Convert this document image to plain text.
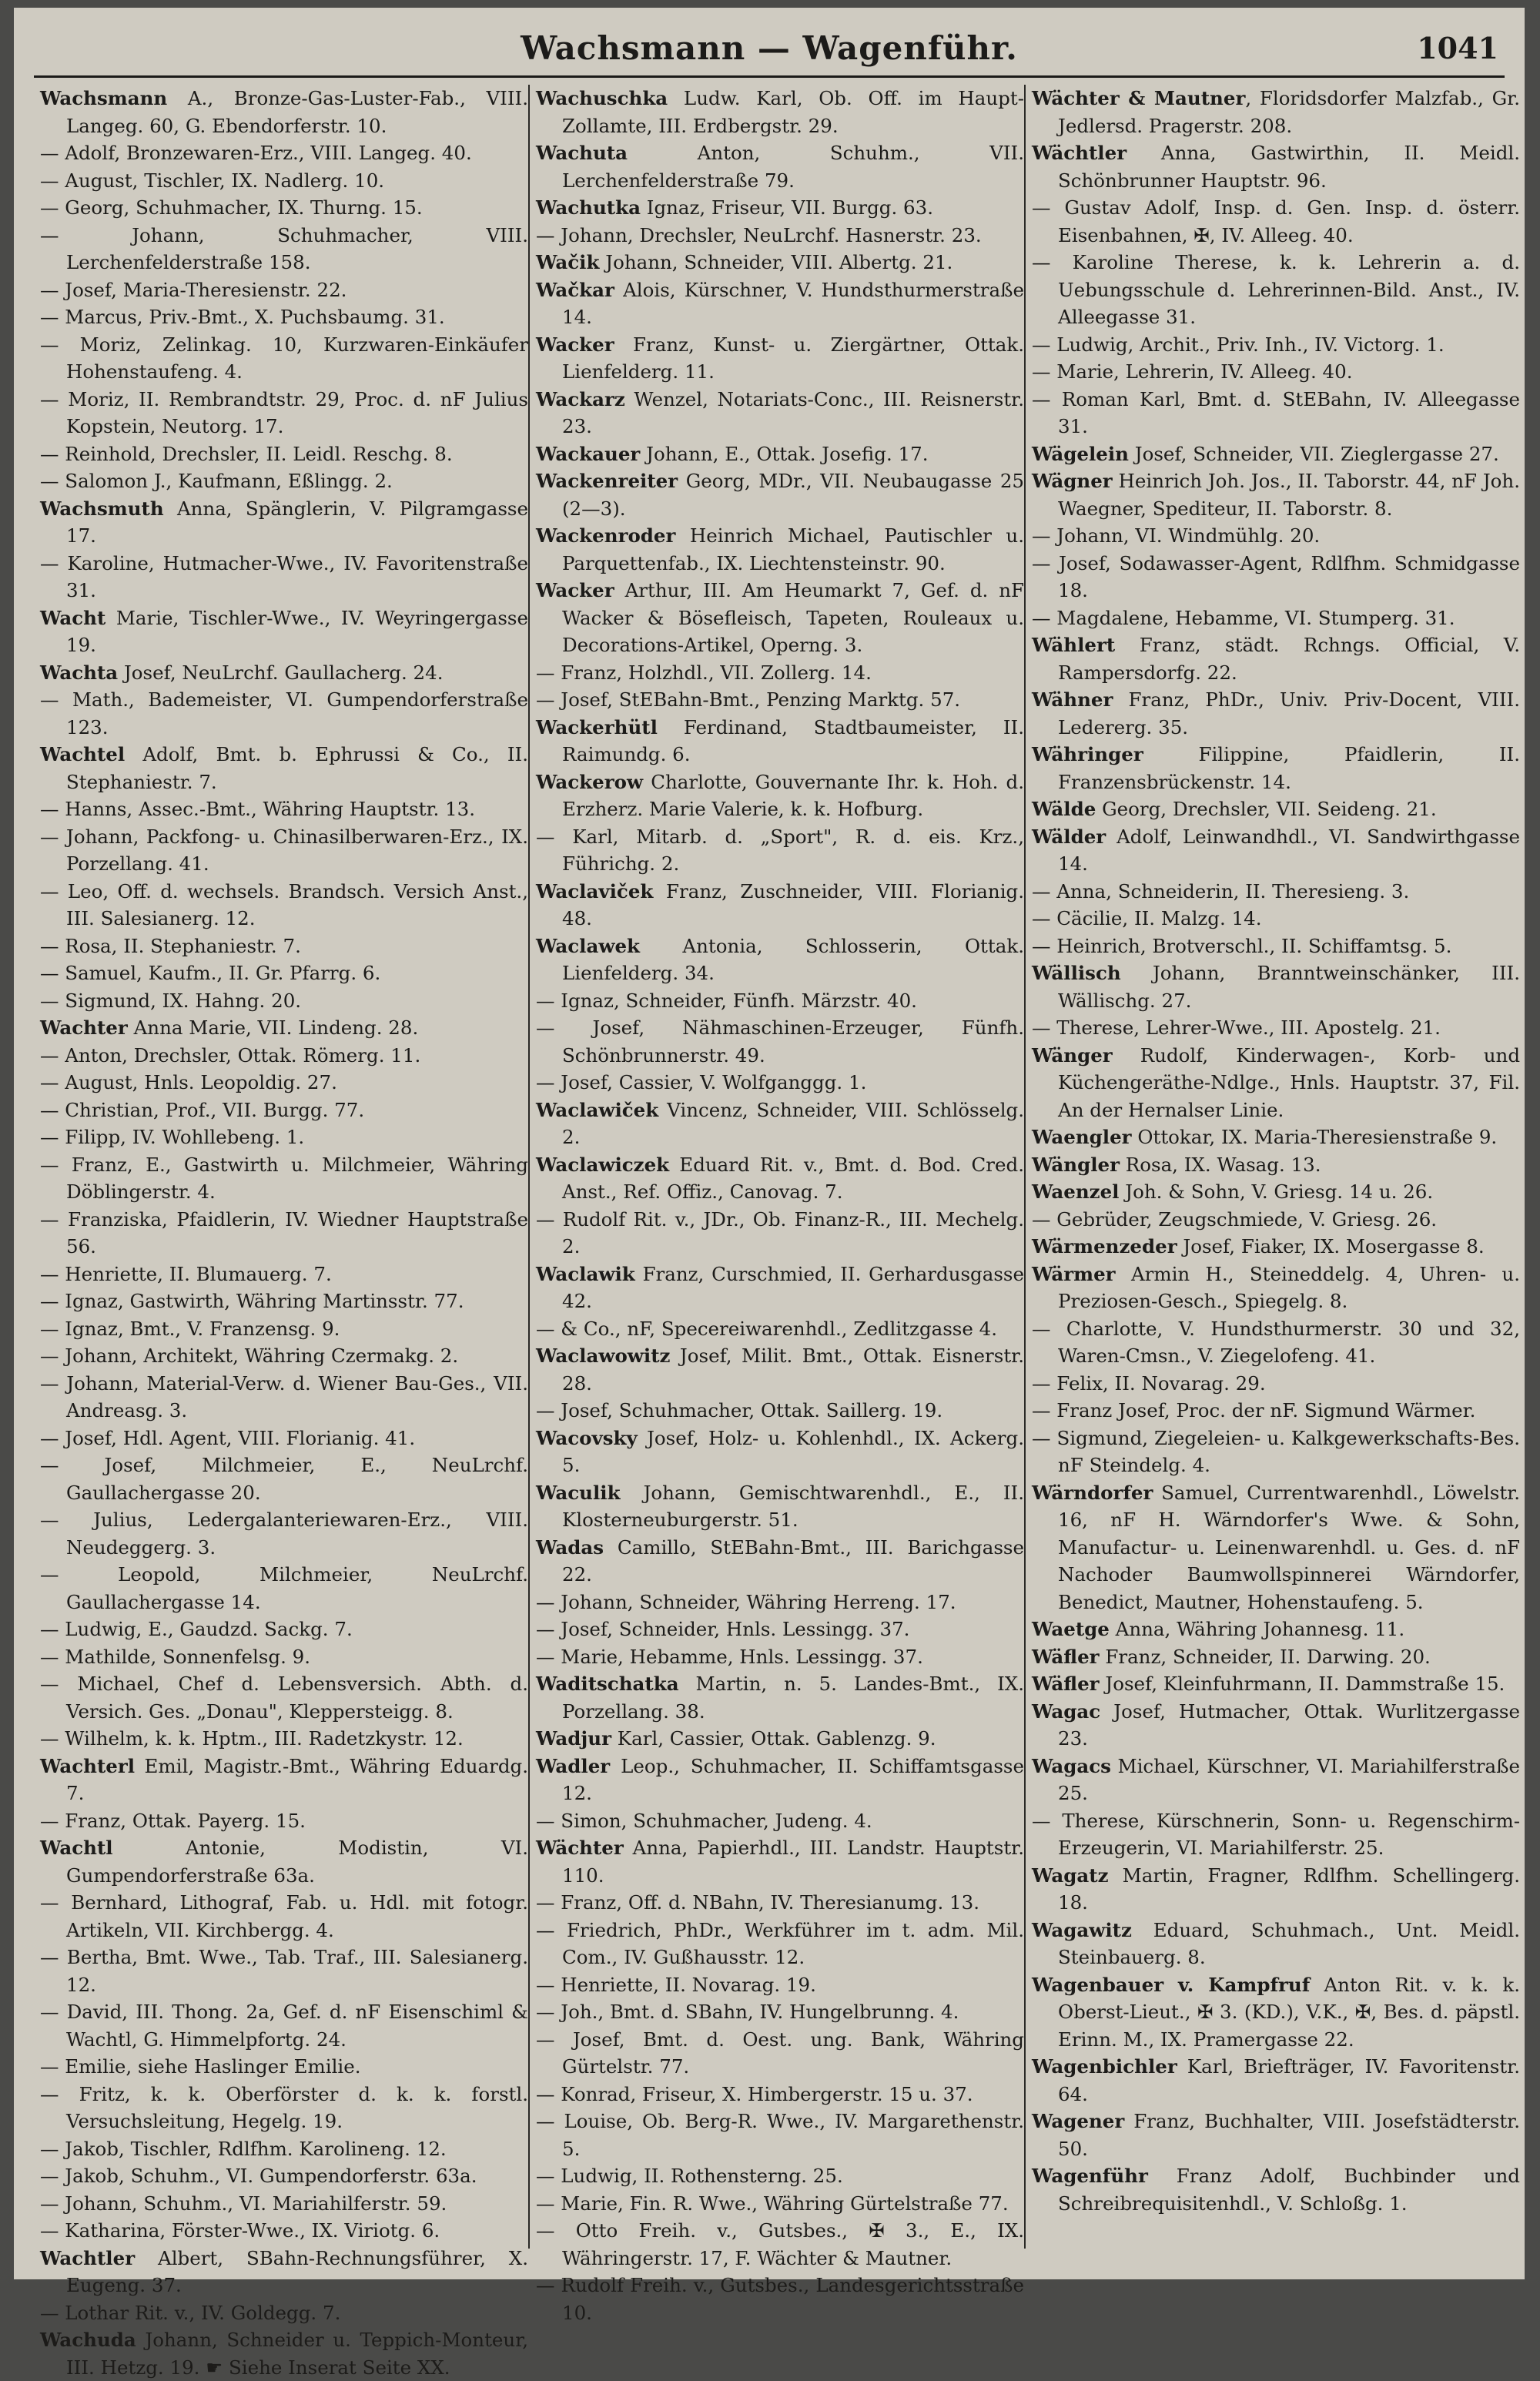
Wachsmann — Wagenführ.	1041
Wachsmann A., Bronze-Gas-Luster-Fab., VIII. Langeg. 60, G. Ebendorferstr. 10.
— Adolf, Bronzewaren-Erz., VIII. Langeg. 40.
— August, Tischler, IX. Nadlerg. 10.
— Georg, Schuhmacher, IX. Thurng. 15.
— Johann, Schuhmacher, VIII. Lerchenfelderstraße 158.
— Josef, Maria-Theresienstr. 22.
— Marcus, Priv.-Bmt., X. Puchsbaumg. 31.
— Moriz, Zelinkag. 10, Kurzwaren-Einkäufer Hohenstaufeng. 4.
— Moriz, II. Rembrandtstr. 29, Proc. d. nF Julius Kopstein, Neutorg. 17.
— Reinhold, Drechsler, II. Leidl. Reschg. 8.
— Salomon J., Kaufmann, Eßlingg. 2.
Wachsmuth Anna, Spänglerin, V. Pilgramgasse 17.
— Karoline, Hutmacher-Wwe., IV. Favoritenstraße 31.
Wacht Marie, Tischler-Wwe., IV. Weyringergasse 19.
Wachta Josef, NeuLrchf. Gaullacherg. 24.
— Math., Bademeister, VI. Gumpendorferstraße 123.
Wachtel Adolf, Bmt. b. Ephrussi & Co., II. Stephaniestr. 7.
— Hanns, Assec.-Bmt., Währing Hauptstr. 13.
— Johann, Packfong- u. Chinasilberwaren-Erz., IX. Porzellang. 41.
— Leo, Off. d. wechsels. Brandsch. Versich Anst., III. Salesianerg. 12.
— Rosa, II. Stephaniestr. 7.
— Samuel, Kaufm., II. Gr. Pfarrg. 6.
— Sigmund, IX. Hahng. 20.
Wachter Anna Marie, VII. Lindeng. 28.
— Anton, Drechsler, Ottak. Römerg. 11.
— August, Hnls. Leopoldig. 27.
— Christian, Prof., VII. Burgg. 77.
— Filipp, IV. Wohllebeng. 1.
— Franz, E., Gastwirth u. Milchmeier, Währing Döblingerstr. 4.
— Franziska, Pfaidlerin, IV. Wiedner Hauptstraße 56.
— Henriette, II. Blumauerg. 7.
— Ignaz, Gastwirth, Währing Martinsstr. 77.
— Ignaz, Bmt., V. Franzensg. 9.
— Johann, Architekt, Währing Czermakg. 2.
— Johann, Material-Verw. d. Wiener Bau-Ges., VII. Andreasg. 3.
— Josef, Hdl. Agent, VIII. Florianig. 41.
— Josef, Milchmeier, E., NeuLrchf. Gaullachergasse 20.
— Julius, Ledergalanteriewaren-Erz., VIII. Neudeggerg. 3.
— Leopold, Milchmeier, NeuLrchf. Gaullachergasse 14.
— Ludwig, E., Gaudzd. Sackg. 7.
— Mathilde, Sonnenfelsg. 9.
— Michael, Chef d. Lebensversich. Abth. d. Versich. Ges. „Donau", Kleppersteigg. 8.
— Wilhelm, k. k. Hptm., III. Radetzkystr. 12.
Wachterl Emil, Magistr.-Bmt., Währing Eduardg. 7.
— Franz, Ottak. Payerg. 15.
Wachtl Antonie, Modistin, VI. Gumpendorferstraße 63a.
— Bernhard, Lithograf, Fab. u. Hdl. mit fotogr. Artikeln, VII. Kirchbergg. 4.
— Bertha, Bmt. Wwe., Tab. Traf., III. Salesianerg. 12.
— David, III. Thong. 2a, Gef. d. nF Eisenschiml & Wachtl, G. Himmelpfortg. 24.
— Emilie, siehe Haslinger Emilie.
— Fritz, k. k. Oberförster d. k. k. forstl. Versuchsleitung, Hegelg. 19.
— Jakob, Tischler, Rdlfhm. Karolineng. 12.
— Jakob, Schuhm., VI. Gumpendorferstr. 63a.
— Johann, Schuhm., VI. Mariahilferstr. 59.
— Katharina, Förster-Wwe., IX. Viriotg. 6.
Wachtler Albert, SBahn-Rechnungsführer, X. Eugeng. 37.
— Lothar Rit. v., IV. Goldegg. 7.
Wachuda Johann, Schneider u. Teppich-Monteur, III. Hetzg. 19. ☛ Siehe Inserat Seite XX.
Wachuschka Ludw. Karl, Ob. Off. im Haupt-Zollamte, III. Erdbergstr. 29.
Wachuta Anton, Schuhm., VII. Lerchenfelderstraße 79.
Wachutka Ignaz, Friseur, VII. Burgg. 63.
— Johann, Drechsler, NeuLrchf. Hasnerstr. 23.
Wačik Johann, Schneider, VIII. Albertg. 21.
Wačkar Alois, Kürschner, V. Hundsthurmerstraße 14.
Wacker Franz, Kunst- u. Ziergärtner, Ottak. Lienfelderg. 11.
Wackarz Wenzel, Notariats-Conc., III. Reisnerstr. 23.
Wackauer Johann, E., Ottak. Josefig. 17.
Wackenreiter Georg, MDr., VII. Neubaugasse 25 (2—3).
Wackenroder Heinrich Michael, Pautischler u. Parquettenfab., IX. Liechtensteinstr. 90.
Wacker Arthur, III. Am Heumarkt 7, Gef. d. nF Wacker & Bösefleisch, Tapeten, Rouleaux u. Decorations-Artikel, Operng. 3.
— Franz, Holzhdl., VII. Zollerg. 14.
— Josef, StEBahn-Bmt., Penzing Marktg. 57.
Wackerhütl Ferdinand, Stadtbaumeister, II. Raimundg. 6.
Wackerow Charlotte, Gouvernante Ihr. k. Hoh. d. Erzherz. Marie Valerie, k. k. Hofburg.
— Karl, Mitarb. d. „Sport", R. d. eis. Krz., Führichg. 2.
Waclaviček Franz, Zuschneider, VIII. Florianig. 48.
Waclawek Antonia, Schlosserin, Ottak. Lienfelderg. 34.
— Ignaz, Schneider, Fünfh. Märzstr. 40.
— Josef, Nähmaschinen-Erzeuger, Fünfh. Schönbrunnerstr. 49.
— Josef, Cassier, V. Wolfganggg. 1.
Waclawiček Vincenz, Schneider, VIII. Schlösselg. 2.
Waclawiczek Eduard Rit. v., Bmt. d. Bod. Cred. Anst., Ref. Offiz., Canovag. 7.
— Rudolf Rit. v., JDr., Ob. Finanz-R., III. Mechelg. 2.
Waclawik Franz, Curschmied, II. Gerhardusgasse 42.
— & Co., nF, Specereiwarenhdl., Zedlitzgasse 4.
Waclawowitz Josef, Milit. Bmt., Ottak. Eisnerstr. 28.
— Josef, Schuhmacher, Ottak. Saillerg. 19.
Wacovsky Josef, Holz- u. Kohlenhdl., IX. Ackerg. 5.
Waculik Johann, Gemischtwarenhdl., E., II. Klosterneuburgerstr. 51.
Wadas Camillo, StEBahn-Bmt., III. Barichgasse 22.
— Johann, Schneider, Währing Herreng. 17.
— Josef, Schneider, Hnls. Lessingg. 37.
— Marie, Hebamme, Hnls. Lessingg. 37.
Waditschatka Martin, n. 5. Landes-Bmt., IX. Porzellang. 38.
Wadjur Karl, Cassier, Ottak. Gablenzg. 9.
Wadler Leop., Schuhmacher, II. Schiffamtsgasse 12.
— Simon, Schuhmacher, Judeng. 4.
Wächter Anna, Papierhdl., III. Landstr. Hauptstr. 110.
— Franz, Off. d. NBahn, IV. Theresianumg. 13.
— Friedrich, PhDr., Werkführer im t. adm. Mil. Com., IV. Gußhausstr. 12.
— Henriette, II. Novarag. 19.
— Joh., Bmt. d. SBahn, IV. Hungelbrunng. 4.
— Josef, Bmt. d. Oest. ung. Bank, Währing Gürtelstr. 77.
— Konrad, Friseur, X. Himbergerstr. 15 u. 37.
— Louise, Ob. Berg-R. Wwe., IV. Margarethenstr. 5.
— Ludwig, II. Rothensterng. 25.
— Marie, Fin. R. Wwe., Währing Gürtelstraße 77.
— Otto Freih. v., Gutsbes., ✠ 3., E., IX. Währingerstr. 17, F. Wächter & Mautner.
— Rudolf Freih. v., Gutsbes., Landesgerichtsstraße 10.
Wächter & Mautner, Floridsdorfer Malzfab., Gr. Jedlersd. Pragerstr. 208.
Wächtler Anna, Gastwirthin, II. Meidl. Schönbrunner Hauptstr. 96.
— Gustav Adolf, Insp. d. Gen. Insp. d. österr. Eisenbahnen, ✠, IV. Alleeg. 40.
— Karoline Therese, k. k. Lehrerin a. d. Uebungsschule d. Lehrerinnen-Bild. Anst., IV. Alleegasse 31.
— Ludwig, Archit., Priv. Inh., IV. Victorg. 1.
— Marie, Lehrerin, IV. Alleeg. 40.
— Roman Karl, Bmt. d. StEBahn, IV. Alleegasse 31.
Wägelein Josef, Schneider, VII. Zieglergasse 27.
Wägner Heinrich Joh. Jos., II. Taborstr. 44, nF Joh. Waegner, Spediteur, II. Taborstr. 8.
— Johann, VI. Windmühlg. 20.
— Josef, Sodawasser-Agent, Rdlfhm. Schmidgasse 18.
— Magdalene, Hebamme, VI. Stumperg. 31.
Wählert Franz, städt. Rchngs. Official, V. Rampersdorfg. 22.
Wähner Franz, PhDr., Univ. Priv-Docent, VIII. Ledererg. 35.
Währinger Filippine, Pfaidlerin, II. Franzensbrückenstr. 14.
Wälde Georg, Drechsler, VII. Seideng. 21.
Wälder Adolf, Leinwandhdl., VI. Sandwirthgasse 14.
— Anna, Schneiderin, II. Theresieng. 3.
— Cäcilie, II. Malzg. 14.
— Heinrich, Brotverschl., II. Schiffamtsg. 5.
Wällisch Johann, Branntweinschänker, III. Wällischg. 27.
— Therese, Lehrer-Wwe., III. Apostelg. 21.
Wänger Rudolf, Kinderwagen-, Korb- und Küchengeräthe-Ndlge., Hnls. Hauptstr. 37, Fil. An der Hernalser Linie.
Waengler Ottokar, IX. Maria-Theresienstraße 9.
Wängler Rosa, IX. Wasag. 13.
Waenzel Joh. & Sohn, V. Griesg. 14 u. 26.
— Gebrüder, Zeugschmiede, V. Griesg. 26.
Wärmenzeder Josef, Fiaker, IX. Mosergasse 8.
Wärmer Armin H., Steineddelg. 4, Uhren- u. Preziosen-Gesch., Spiegelg. 8.
— Charlotte, V. Hundsthurmerstr. 30 und 32, Waren-Cmsn., V. Ziegelofeng. 41.
— Felix, II. Novarag. 29.
— Franz Josef, Proc. der nF. Sigmund Wärmer.
— Sigmund, Ziegeleien- u. Kalkgewerkschafts-Bes. nF Steindelg. 4.
Wärndorfer Samuel, Currentwarenhdl., Löwelstr. 16, nF H. Wärndorfer's Wwe. & Sohn, Manufactur- u. Leinenwarenhdl. u. Ges. d. nF Nachoder Baumwollspinnerei Wärndorfer, Benedict, Mautner, Hohenstaufeng. 5.
Waetge Anna, Währing Johannesg. 11.
Wäfler Franz, Schneider, II. Darwing. 20.
Wäfler Josef, Kleinfuhrmann, II. Dammstraße 15.
Wagac Josef, Hutmacher, Ottak. Wurlitzergasse 23.
Wagacs Michael, Kürschner, VI. Mariahilferstraße 25.
— Therese, Kürschnerin, Sonn- u. Regenschirm-Erzeugerin, VI. Mariahilferstr. 25.
Wagatz Martin, Fragner, Rdlfhm. Schellingerg. 18.
Wagawitz Eduard, Schuhmach., Unt. Meidl. Steinbauerg. 8.
Wagenbauer v. Kampfruf Anton Rit. v. k. k. Oberst-Lieut., ✠ 3. (KD.), V.K., ✠, Bes. d. päpstl. Erinn. M., IX. Pramergasse 22.
Wagenbichler Karl, Briefträger, IV. Favoritenstr. 64.
Wagener Franz, Buchhalter, VIII. Josefstädterstr. 50.
Wagenführ Franz Adolf, Buchbinder und Schreibrequisitenhdl., V. Schloßg. 1.
